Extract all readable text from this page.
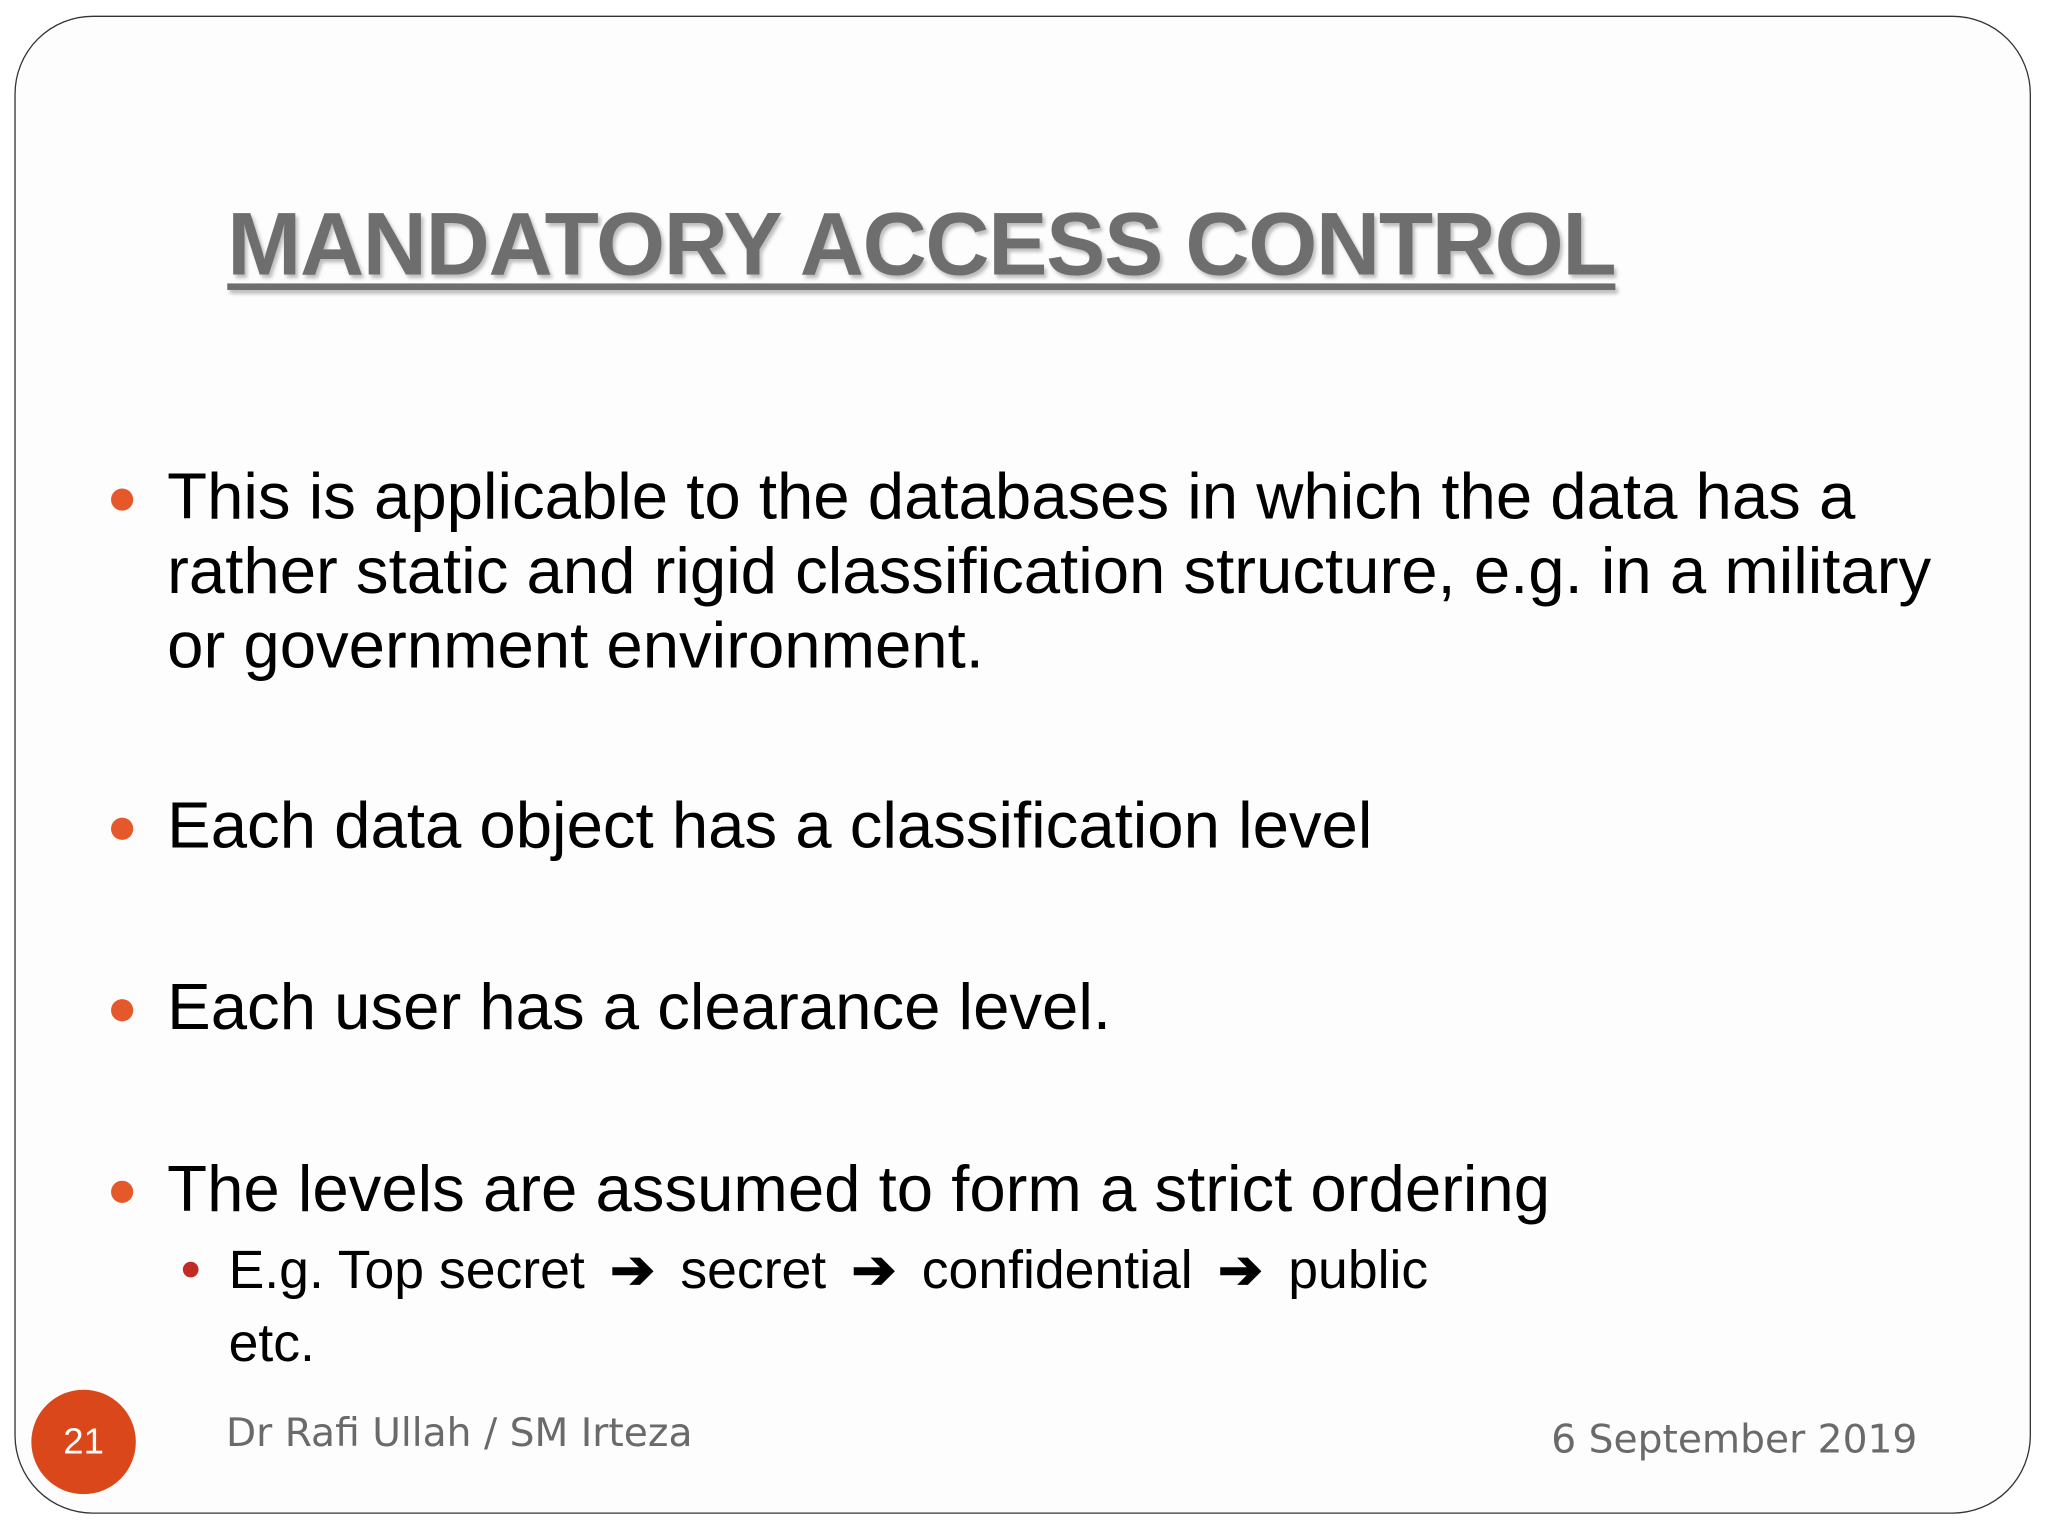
MANDATORY ACCESS CONTROL
This is applicable to the databases in which the data has a rather static and rigid classification structure, e.g. in a military or government environment.
Each data object has a classification level
Each user has a clearance level.
The levels are assumed to form a strict ordering
E.g. Top secret ➔ secret ➔ confidential ➔ public
etc.
21	Dr Rafi Ullah / SM Irteza	6 September 2019
